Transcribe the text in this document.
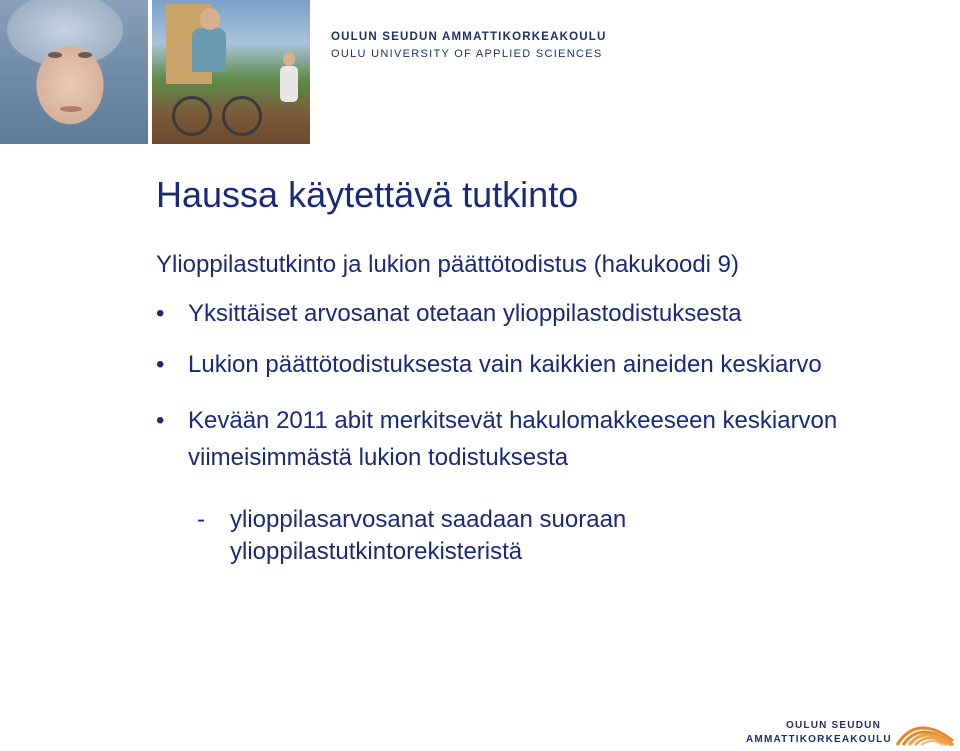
OULUN SEUDUN AMMATTIKORKEAKOULU
OULU UNIVERSITY OF APPLIED SCIENCES
Haussa käytettävä tutkinto
Ylioppilastutkinto ja lukion päättötodistus (hakukoodi 9)
• Yksittäiset arvosanat otetaan ylioppilastodistuksesta
• Lukion päättötodistuksesta vain kaikkien aineiden keskiarvo
• Kevään 2011 abit merkitsevät hakulomakkeeseen keskiarvon viimeisimmästä lukion todistuksesta
-	ylioppilasarvosanat saadaan suoraan ylioppilastutkintorekisteristä
OULUN SEUDUN
AMMATTIKORKEAKOULU
